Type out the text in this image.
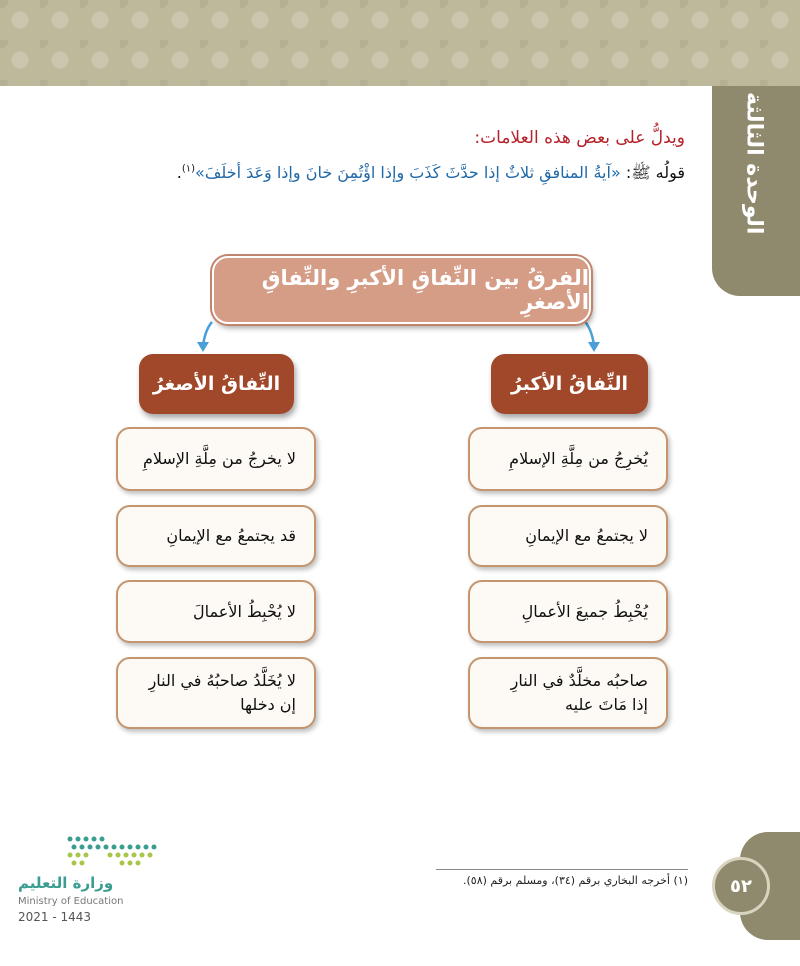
الوحدة الثالثة
ويدلُّ على بعض هذه العلامات:
قولُه ﷺ: «آيةُ المنافقِ ثلاثٌ إذا حدَّثَ كَذَبَ وإذا اؤْتُمِنَ خانَ وإذا وَعَدَ أخلَفَ»$^{(١)}$.
الفرقُ بين النِّفاقِ الأكبرِ والنِّفاقِ الأصغرِ
النِّفاقُ الأصغرُ	النِّفاقُ الأكبرُ
لا يخرجُ من مِلَّةِ الإسلامِ
قد يجتمعُ مع الإيمانِ
لا يُحْبِطُ الأعمالَ
لا يُخَلَّدُ صاحبُهُ في النارِ
إن دخلها
يُخرِجُ من مِلَّةِ الإسلامِ
لا يجتمعُ مع الإيمانِ
يُحْبِطُ جميعَ الأعمالِ
صاحبُه مخلَّدٌ في النارِ
إذا مَاتَ عليه
(١) أخرجه البخاري برقم (٣٤)، ومسلم برقم (٥٨).	٥٢
وزارة التعليم
Ministry of Education
2021 - 1443
